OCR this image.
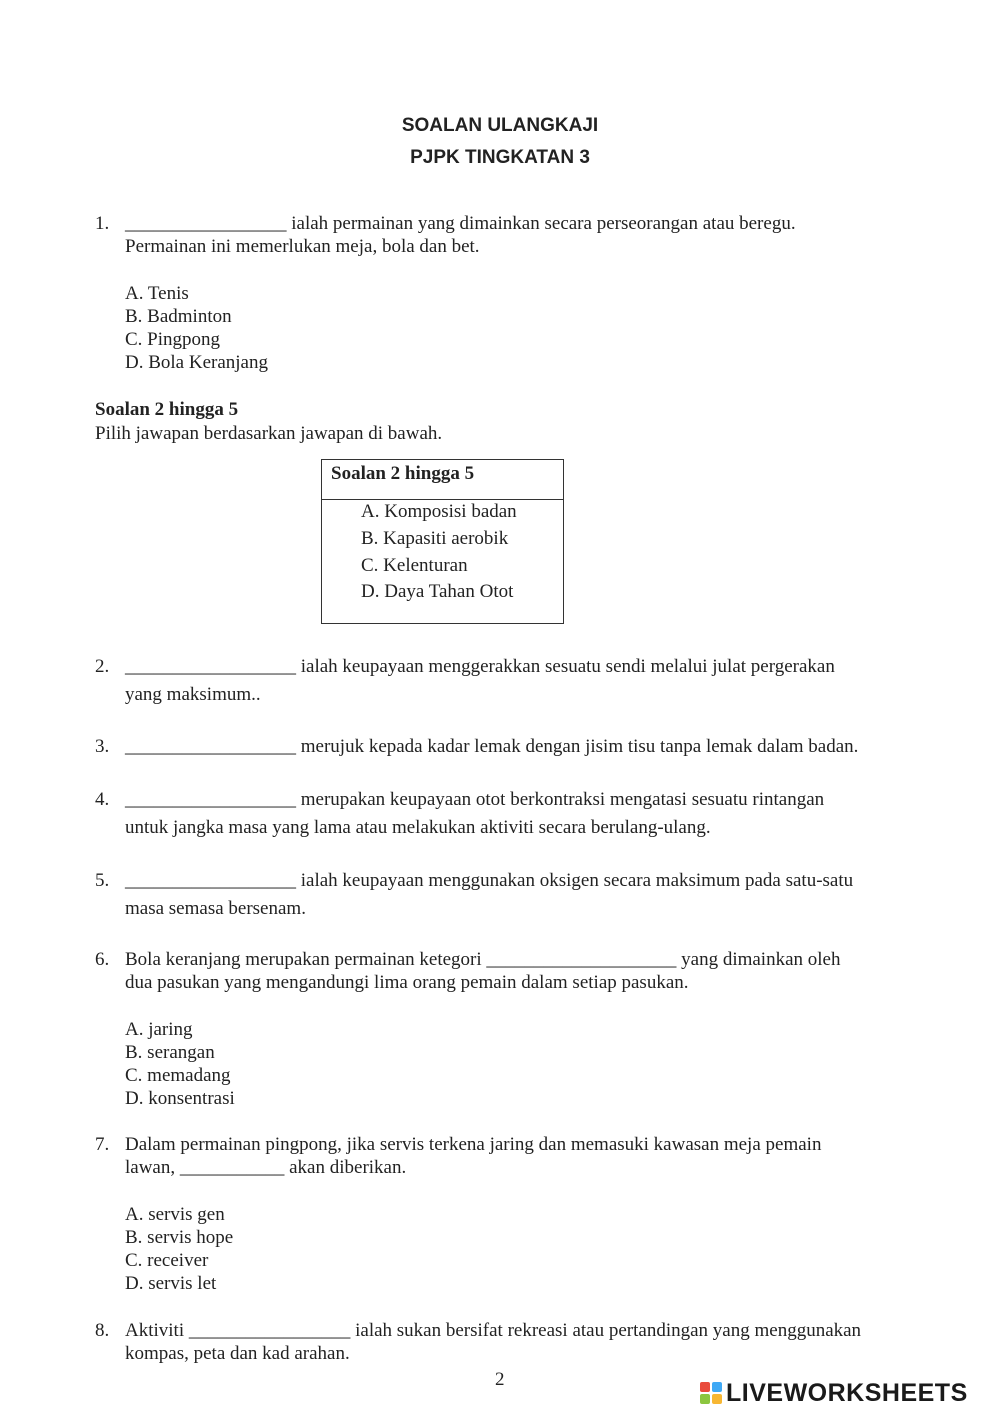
SOALAN ULANGKAJI
PJPK TINGKATAN 3
1. _________________ ialah permainan yang dimainkan secara perseorangan atau beregu.
Permainan ini memerlukan meja, bola dan bet.
A. Tenis
B. Badminton
C. Pingpong
D. Bola Keranjang
Soalan 2 hingga 5
Pilih jawapan berdasarkan jawapan di bawah.
Soalan 2 hingga 5
A. Komposisi badan
B. Kapasiti aerobik
C. Kelenturan
D. Daya Tahan Otot
2. __________________ ialah keupayaan menggerakkan sesuatu sendi melalui julat pergerakan
yang maksimum..
3. __________________ merujuk kepada kadar lemak dengan jisim tisu tanpa lemak dalam badan.
4. __________________ merupakan keupayaan otot berkontraksi mengatasi sesuatu rintangan
untuk jangka masa yang lama atau melakukan aktiviti secara berulang-ulang.
5. __________________ ialah keupayaan menggunakan oksigen secara maksimum pada satu-satu
masa semasa bersenam.
6. Bola keranjang merupakan permainan ketegori ____________________ yang dimainkan oleh
dua pasukan yang mengandungi lima orang pemain dalam setiap pasukan.
A. jaring
B. serangan
C. memadang
D. konsentrasi
7. Dalam permainan pingpong, jika servis terkena jaring dan memasuki kawasan meja pemain
lawan, ___________ akan diberikan.
A. servis gen
B. servis hope
C. receiver
D. servis let
8. Aktiviti _________________ ialah sukan bersifat rekreasi atau pertandingan yang menggunakan
kompas, peta dan kad arahan.
2	LIVEWORKSHEETS
